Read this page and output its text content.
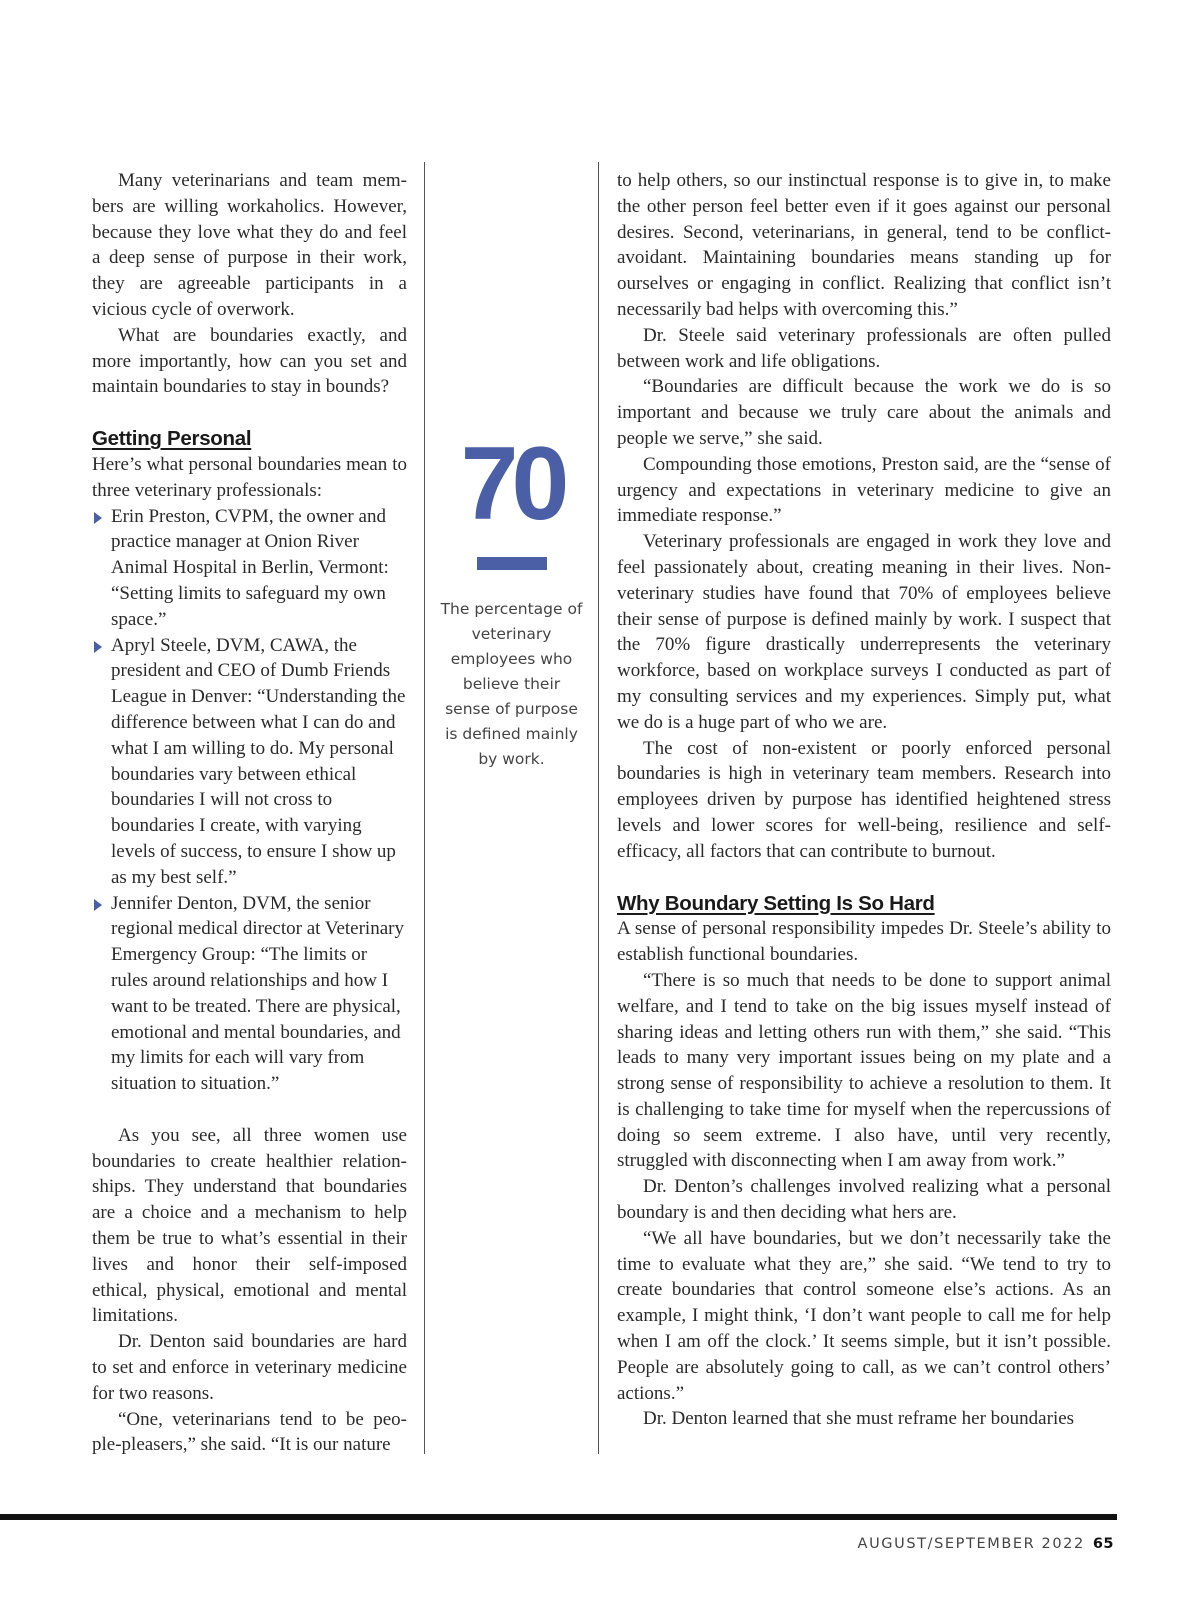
Many veterinarians and team members are willing workaholics. However, because they love what they do and feel a deep sense of purpose in their work, they are agreeable participants in a vicious cycle of overwork.

What are boundaries exactly, and more importantly, how can you set and maintain boundaries to stay in bounds?

Getting Personal

Here’s what personal boundaries mean to three veterinary professionals:

Erin Preston, CVPM, the owner and practice manager at Onion River Animal Hospital in Berlin, Vermont: “Setting limits to safeguard my own space.”
Apryl Steele, DVM, CAWA, the president and CEO of Dumb Friends League in Denver: “Understanding the difference between what I can do and what I am willing to do. My personal boundaries vary between ethical boundaries I will not cross to boundaries I create, with varying levels of success, to ensure I show up as my best self.”
Jennifer Denton, DVM, the senior regional medical director at Veterinary Emergency Group: “The limits or rules around relationships and how I want to be treated. There are physical, emotional and mental boundaries, and my limits for each will vary from situation to situation.”

As you see, all three women use boundaries to create healthier relationships. They understand that boundaries are a choice and a mechanism to help them be true to what’s essential in their lives and honor their self-imposed ethical, physical, emotional and mental limitations.

Dr. Denton said boundaries are hard to set and enforce in veterinary medicine for two reasons.

“One, veterinarians tend to be people-pleasers,” she said. “It is our nature

70
The percentage of
veterinary
employees who
believe their
sense of purpose
is defined mainly
by work.

to help others, so our instinctual response is to give in, to make the other person feel better even if it goes against our personal desires. Second, veterinarians, in general, tend to be conflict-avoidant. Maintaining boundaries means standing up for ourselves or engaging in conflict. Realizing that conflict isn’t necessarily bad helps with overcoming this.”

Dr. Steele said veterinary professionals are often pulled between work and life obligations.

“Boundaries are difficult because the work we do is so important and because we truly care about the animals and people we serve,” she said.

Compounding those emotions, Preston said, are the “sense of urgency and expectations in veterinary medicine to give an immediate response.”

Veterinary professionals are engaged in work they love and feel passionately about, creating meaning in their lives. Non-veterinary studies have found that 70% of employees believe their sense of purpose is defined mainly by work. I suspect that the 70% figure drastically underrepresents the veterinary workforce, based on workplace surveys I conducted as part of my consulting services and my experiences. Simply put, what we do is a huge part of who we are.

The cost of non-existent or poorly enforced personal boundaries is high in veterinary team members. Research into employees driven by purpose has identified heightened stress levels and lower scores for well-being, resilience and self-efficacy, all factors that can contribute to burnout.

Why Boundary Setting Is So Hard

A sense of personal responsibility impedes Dr. Steele’s ability to establish functional boundaries.

“There is so much that needs to be done to support animal welfare, and I tend to take on the big issues myself instead of sharing ideas and letting others run with them,” she said. “This leads to many very important issues being on my plate and a strong sense of responsibility to achieve a resolution to them. It is challenging to take time for myself when the repercussions of doing so seem extreme. I also have, until very recently, struggled with disconnecting when I am away from work.”

Dr. Denton’s challenges involved realizing what a personal boundary is and then deciding what hers are.

“We all have boundaries, but we don’t necessarily take the time to evaluate what they are,” she said. “We tend to try to create boundaries that control someone else’s actions. As an example, I might think, ‘I don’t want people to call me for help when I am off the clock.’ It seems simple, but it isn’t possible. People are absolutely going to call, as we can’t control others’ actions.”

Dr. Denton learned that she must reframe her boundaries

AUGUST/SEPTEMBER 2022 65
